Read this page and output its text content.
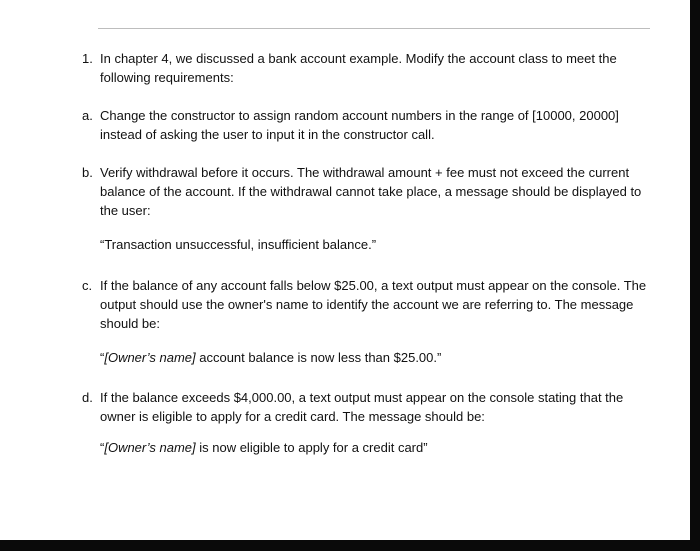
1. In chapter 4, we discussed a bank account example. Modify the account class to meet the following requirements:
a. Change the constructor to assign random account numbers in the range of [10000, 20000] instead of asking the user to input it in the constructor call.
b. Verify withdrawal before it occurs. The withdrawal amount + fee must not exceed the current balance of the account. If the withdrawal cannot take place, a message should be displayed to the user:
“Transaction unsuccessful, insufficient balance.”
c. If the balance of any account falls below $25.00, a text output must appear on the console. The output should use the owner's name to identify the account we are referring to. The message should be:
“[Owner’s name] account balance is now less than $25.00.”
d. If the balance exceeds $4,000.00, a text output must appear on the console stating that the owner is eligible to apply for a credit card. The message should be:
“[Owner’s name] is now eligible to apply for a credit card”
